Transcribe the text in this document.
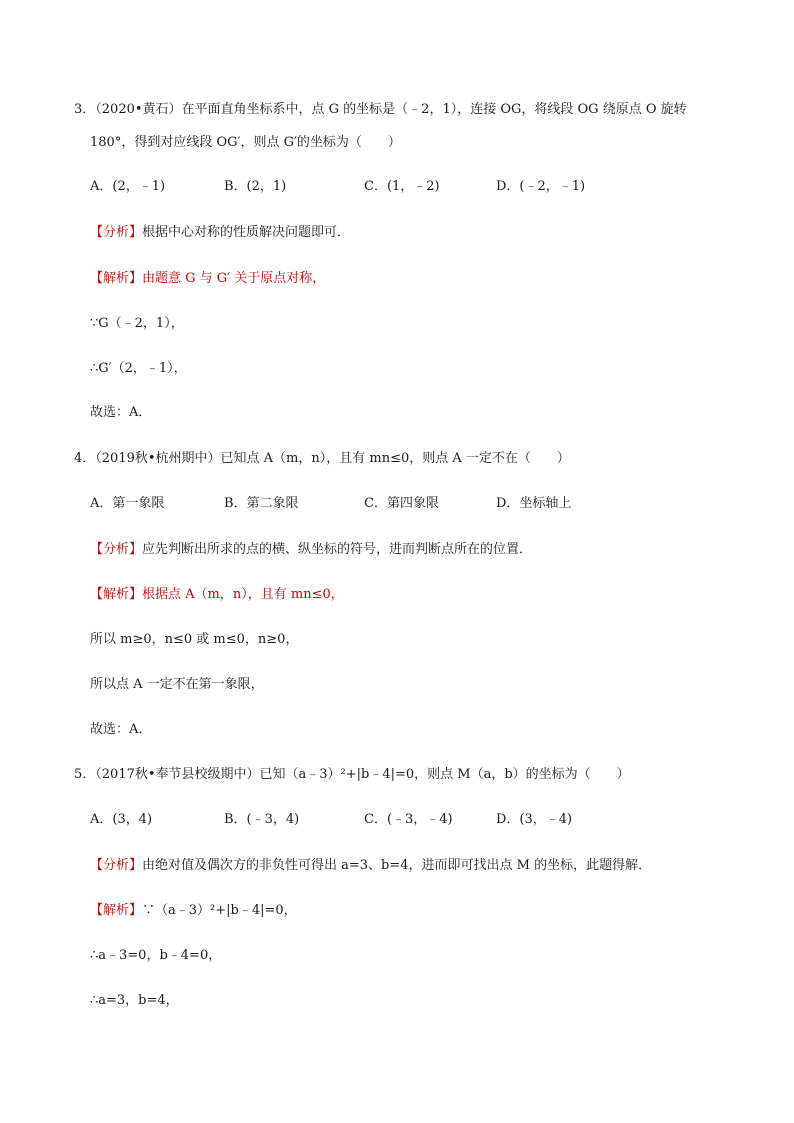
3．（2020•黄石）在平面直角坐标系中，点 G 的坐标是（﹣2，1），连接 OG，将线段 OG 绕原点 O 旋转
180°，得到对应线段 OG′，则点 G′的坐标为（　　）
A．(2，﹣1)	B．(2，1)	C．(1，﹣2)	D．(﹣2，﹣1)
【分析】根据中心对称的性质解决问题即可．
【解析】由题意 G 与 G′ 关于原点对称，
∵G（﹣2，1），
∴G′（2，﹣1），
故选：A．
4．（2019秋•杭州期中）已知点 A（m，n），且有 mn≤0，则点 A 一定不在（　　）
A．第一象限	B．第二象限	C．第四象限	D．坐标轴上
【分析】应先判断出所求的点的横、纵坐标的符号，进而判断点所在的位置．
【解析】根据点 A（m，n），且有 mn≤0，
所以 m≥0，n≤0 或 m≤0，n≥0，
所以点 A 一定不在第一象限，
故选：A．
5．（2017秋•奉节县校级期中）已知（a﹣3）²+|b﹣4|=0，则点 M（a，b）的坐标为（　　）
A．(3，4)	B．(﹣3，4)	C．(﹣3，﹣4)	D．(3，﹣4)
【分析】由绝对值及偶次方的非负性可得出 a=3、b=4，进而即可找出点 M 的坐标，此题得解．
【解析】∵（a﹣3）²+|b﹣4|=0，
∴a﹣3=0，b﹣4=0，
∴a=3，b=4，
